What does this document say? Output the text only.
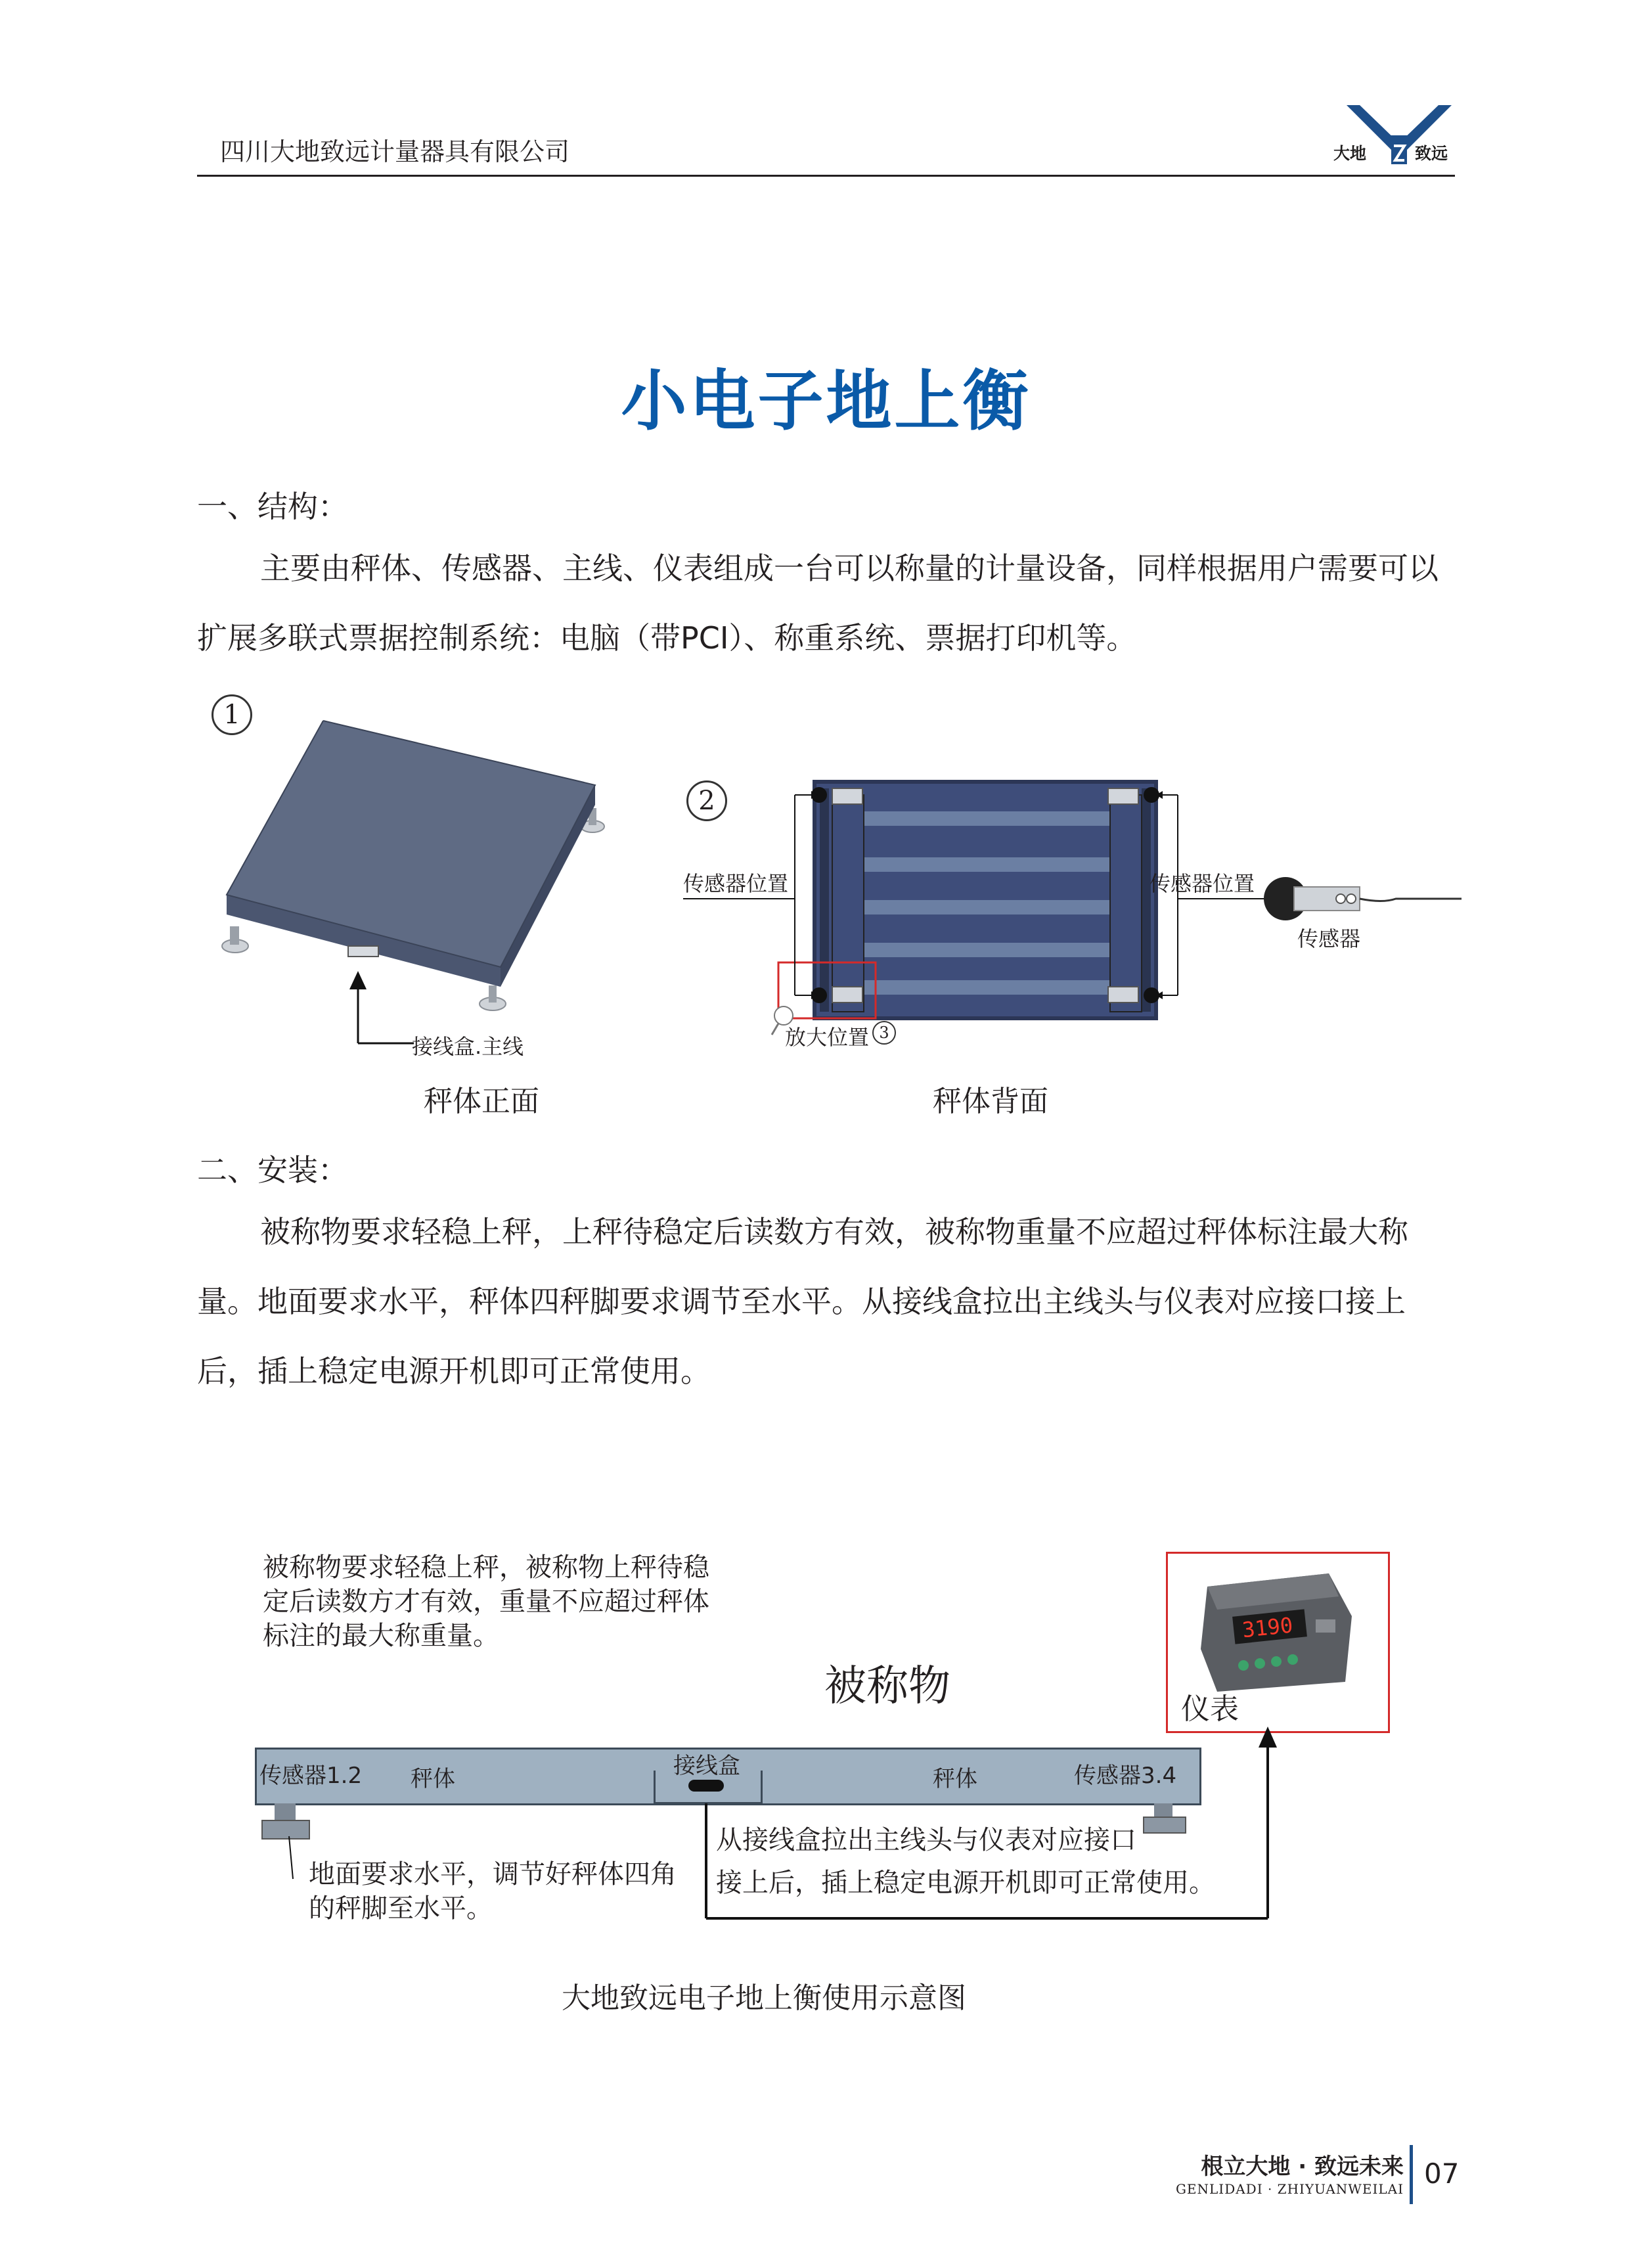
四川大地致远计量器具有限公司	大地	致远
小电子地上衡
一、结构：

主要由秤体、传感器、主线、仪表组成一台可以称量的计量设备，同样根据用户需要可以扩展多联式票据控制系统：电脑（带PCI）、称重系统、票据打印机等。

1
接线盒.主线
秤体正面
2
传感器位置	传感器位置
传感器
放大位置 3
秤体背面
二、安装：

被称物要求轻稳上秤，上秤待稳定后读数方有效，被称物重量不应超过秤体标注最大称量。地面要求水平，秤体四秤脚要求调节至水平。从接线盒拉出主线头与仪表对应接口接上后，插上稳定电源开机即可正常使用。

被称物要求轻稳上秤，被称物上秤待稳定后读数方才有效，重量不应超过秤体标注的最大称重量。
被称物
3190
仪表
传感器1.2 秤体	接线盒	秤体	传感器3.4
地面要求水平，调节好秤体四角的秤脚至水平。
从接线盒拉出主线头与仪表对应接口
接上后，插上稳定电源开机即可正常使用。
大地致远电子地上衡使用示意图
根立大地 · 致远未来
GENLIDADI · ZHIYUANWEILAI 07
